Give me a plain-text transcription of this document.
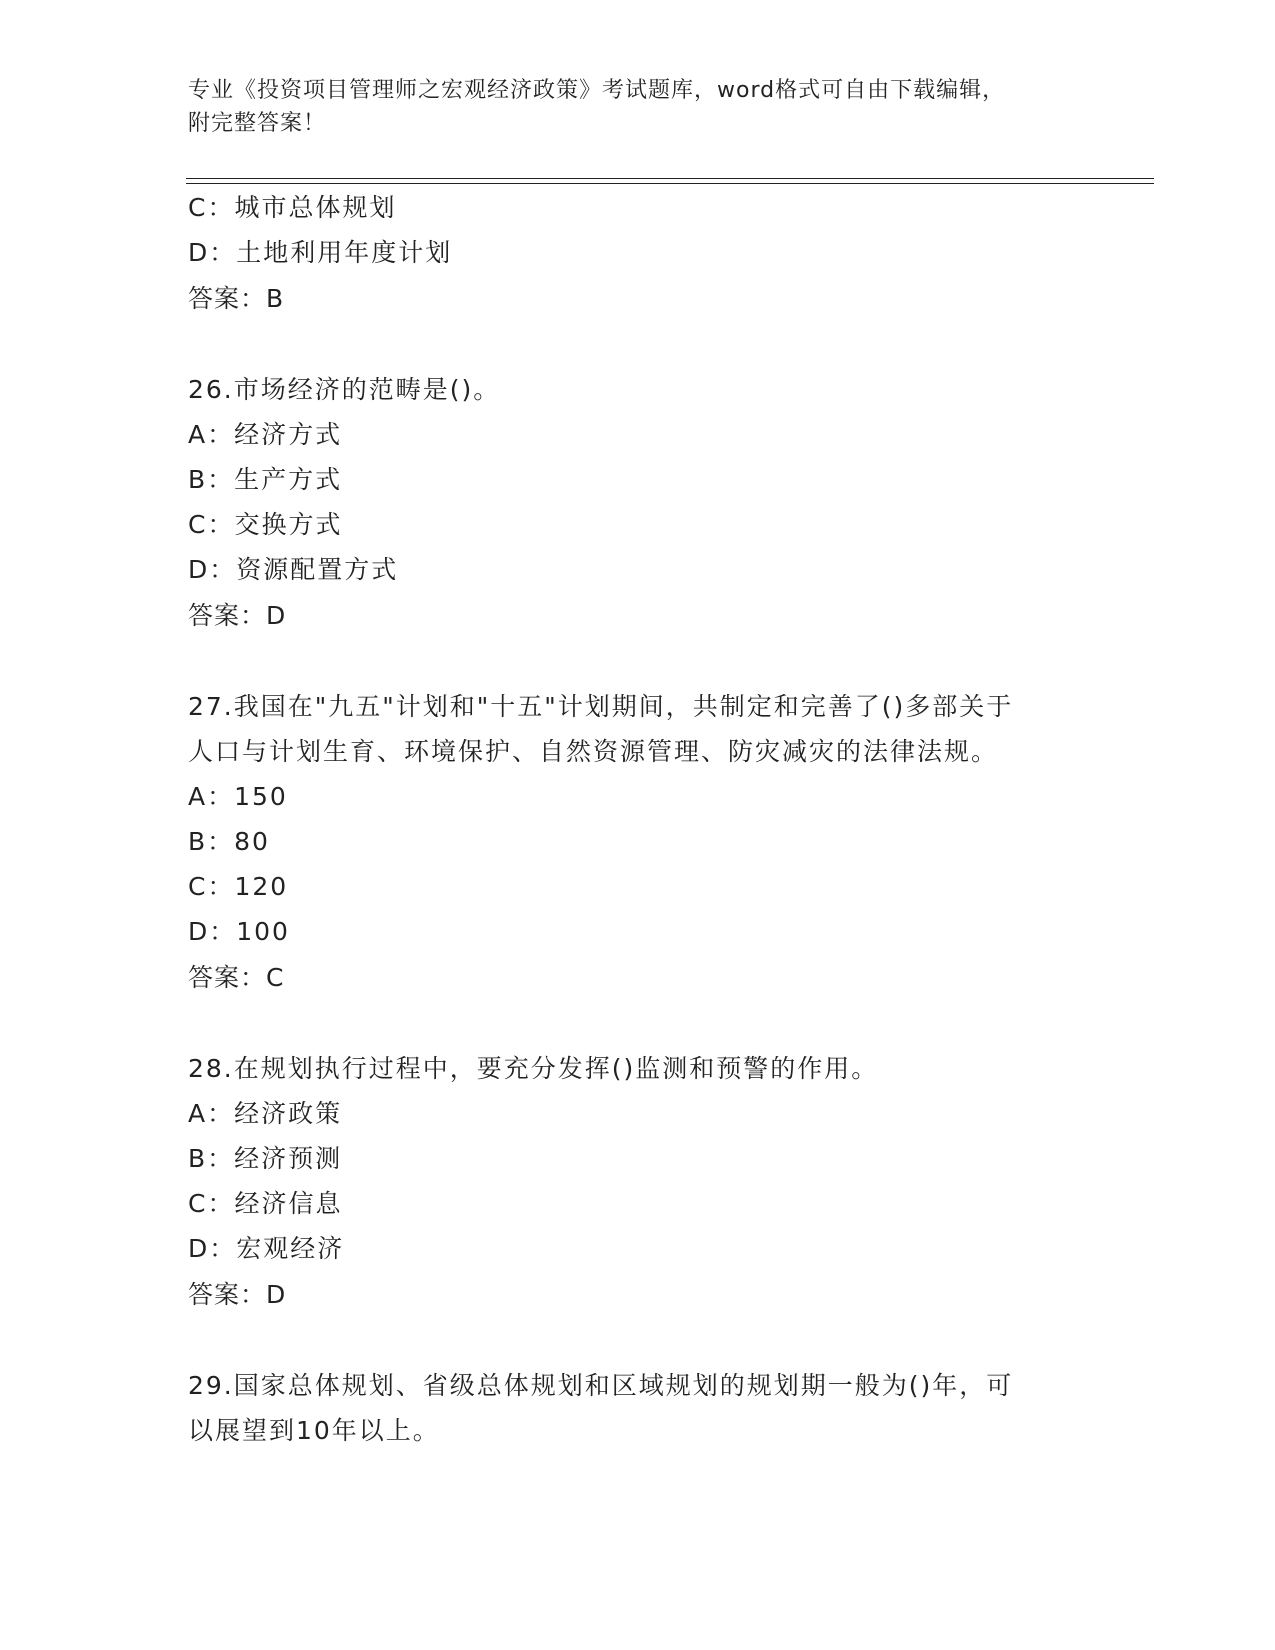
专业《投资项目管理师之宏观经济政策》考试题库，word格式可自由下载编辑，
附完整答案！
C：城市总体规划
D：土地利用年度计划
答案：B
26.市场经济的范畴是()。
A：经济方式
B：生产方式
C：交换方式
D：资源配置方式
答案：D
27.我国在"九五"计划和"十五"计划期间，共制定和完善了()多部关于
人口与计划生育、环境保护、自然资源管理、防灾减灾的法律法规。
A：150
B：80
C：120
D：100
答案：C
28.在规划执行过程中，要充分发挥()监测和预警的作用。
A：经济政策
B：经济预测
C：经济信息
D：宏观经济
答案：D
29.国家总体规划、省级总体规划和区域规划的规划期一般为()年，可
以展望到10年以上。
